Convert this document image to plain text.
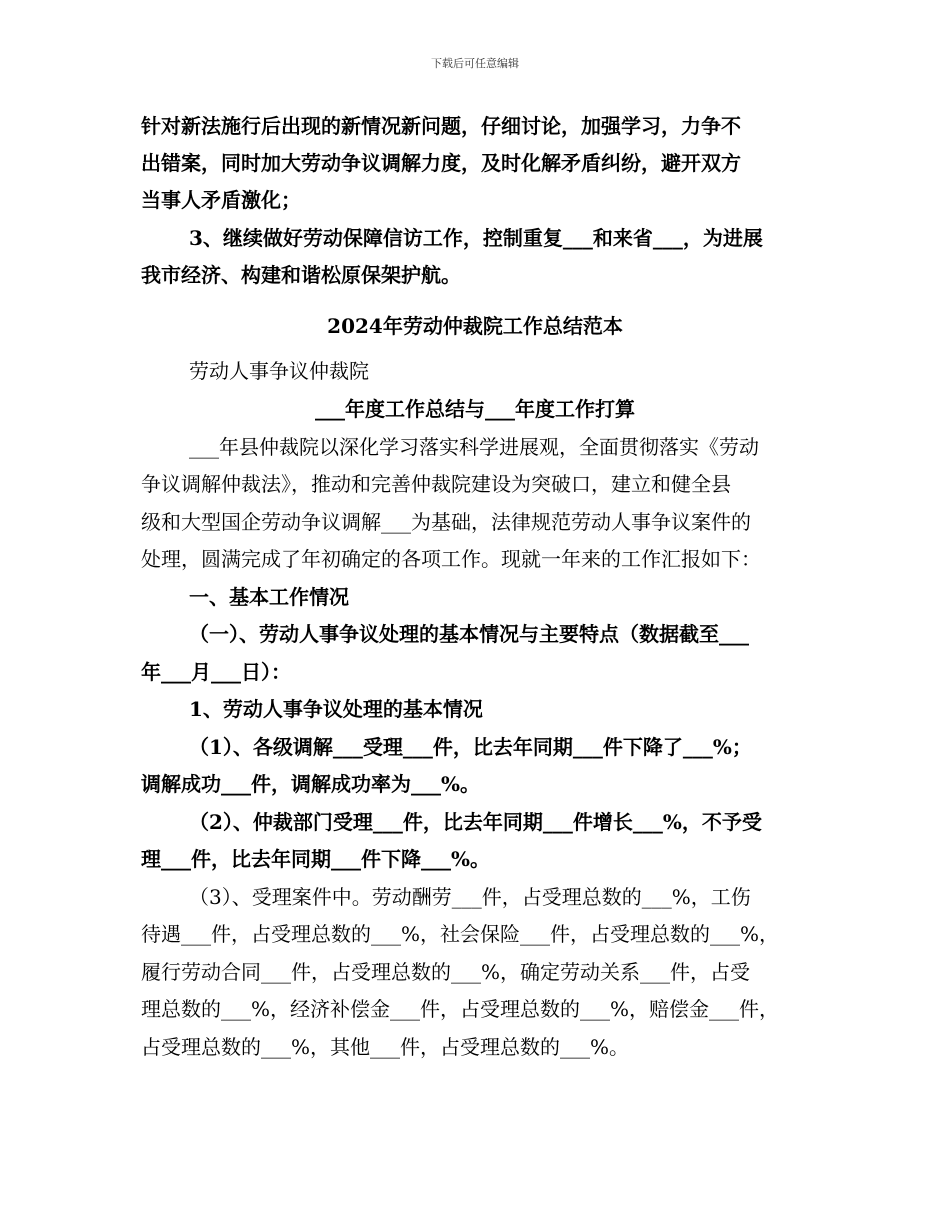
下载后可任意编辑
针对新法施行后出现的新情况新问题，仔细讨论，加强学习，力争不
出错案，同时加大劳动争议调解力度，及时化解矛盾纠纷，避开双方
当事人矛盾激化；
3、继续做好劳动保障信访工作，控制重复___和来省___，为进展
我市经济、构建和谐松原保架护航。
2024年劳动仲裁院工作总结范本
劳动人事争议仲裁院
___年度工作总结与___年度工作打算
___年县仲裁院以深化学习落实科学进展观，全面贯彻落实《劳动
争议调解仲裁法》，推动和完善仲裁院建设为突破口，建立和健全县
级和大型国企劳动争议调解___为基础，法律规范劳动人事争议案件的
处理，圆满完成了年初确定的各项工作。现就一年来的工作汇报如下：
一、基本工作情况
（一）、劳动人事争议处理的基本情况与主要特点（数据截至___
年___月___日）：
1、劳动人事争议处理的基本情况
（1）、各级调解___受理___件，比去年同期___件下降了___%；
调解成功___件，调解成功率为___%。
（2）、仲裁部门受理___件，比去年同期___件增长___%，不予受
理___件，比去年同期___件下降___%。
（3）、受理案件中。劳动酬劳___件，占受理总数的___%，工伤
待遇___件，占受理总数的___%，社会保险___件，占受理总数的___%，
履行劳动合同___件，占受理总数的___%，确定劳动关系___件，占受
理总数的___%，经济补偿金___件，占受理总数的___%，赔偿金___件，
占受理总数的___%，其他___件，占受理总数的___%。
